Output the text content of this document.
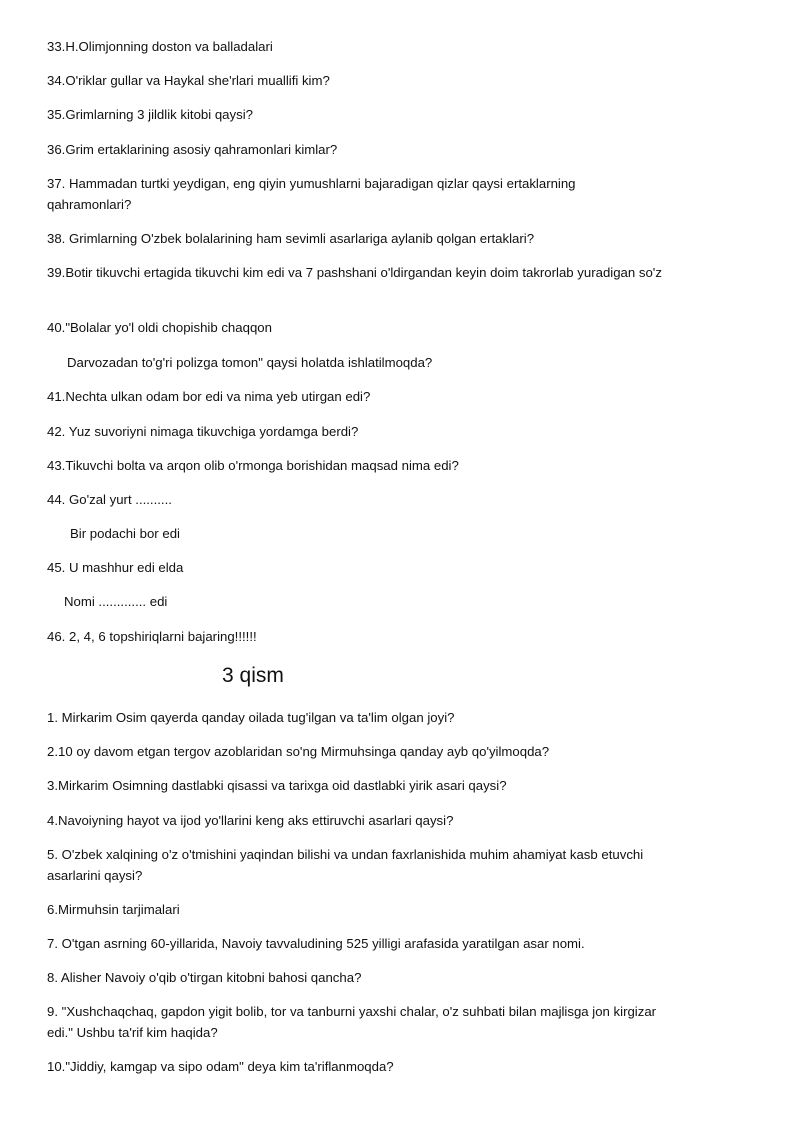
33.H.Olimjonning doston va balladalari
34.O'riklar gullar va Haykal she'rlari muallifi kim?
35.Grimlarning 3 jildlik kitobi qaysi?
36.Grim ertaklarining asosiy qahramonlari kimlar?
37. Hammadan turtki yeydigan, eng qiyin yumushlarni bajaradigan qizlar qaysi ertaklarning qahramonlari?
38. Grimlarning O'zbek bolalarining ham sevimli asarlariga aylanib qolgan ertaklari?
39.Botir tikuvchi ertagida tikuvchi kim edi va 7 pashshani o'ldirgandan keyin doim takrorlab yuradigan so'z
40."Bolalar yo'l oldi chopishib chaqqon
Darvozadan to'g'ri polizga tomon" qaysi holatda ishlatilmoqda?
41.Nechta ulkan odam bor edi va nima yeb utirgan edi?
42. Yuz suvoriyni nimaga tikuvchiga yordamga berdi?
43.Tikuvchi bolta va arqon olib o'rmonga borishidan maqsad nima edi?
44. Go'zal yurt ..........
Bir podachi bor edi
45. U mashhur edi elda
Nomi ............. edi
46. 2, 4, 6 topshiriqlarni bajaring!!!!!!
3 qism
1. Mirkarim Osim qayerda qanday oilada tug'ilgan va ta'lim olgan joyi?
2.10 oy davom etgan tergov azoblaridan so'ng Mirmuhsinga qanday ayb qo'yilmoqda?
3.Mirkarim Osimning dastlabki qisassi va tarixga oid dastlabki yirik asari qaysi?
4.Navoiyning hayot va ijod yo'llarini keng aks ettiruvchi asarlari qaysi?
5. O'zbek xalqining o'z o'tmishini yaqindan bilishi va undan faxrlanishida muhim ahamiyat kasb etuvchi asarlarini qaysi?
6.Mirmuhsin tarjimalari
7. O'tgan asrning 60-yillarida, Navoiy tavvaludining 525 yilligi arafasida yaratilgan asar nomi.
8. Alisher Navoiy o'qib o'tirgan kitobni bahosi qancha?
9. "Xushchaqchaq, gapdon yigit bolib, tor va tanburni yaxshi chalar, o'z suhbati bilan majlisga jon kirgizar edi." Ushbu ta'rif kim haqida?
10."Jiddiy, kamgap va sipo odam" deya kim ta'riflanmoqda?
